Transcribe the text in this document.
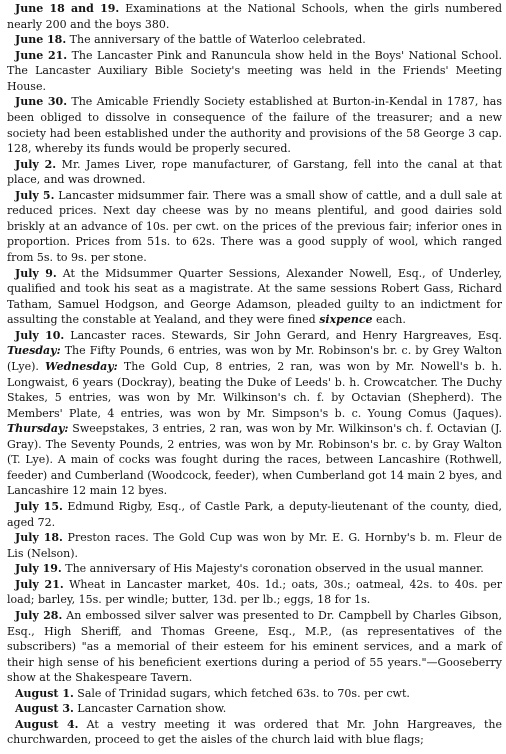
June 18 and 19. Examinations at the National Schools, when the girls numbered nearly 200 and the boys 380.

June 18. The anniversary of the battle of Waterloo celebrated.

June 21. The Lancaster Pink and Ranuncula show held in the Boys' National School. The Lancaster Auxiliary Bible Society's meeting was held in the Friends' Meeting House.

June 30. The Amicable Friendly Society established at Burton-in-Kendal in 1787, has been obliged to dissolve in consequence of the failure of the treasurer; and a new society had been established under the authority and provisions of the 58 George 3 cap. 128, whereby its funds would be properly secured.

July 2. Mr. James Liver, rope manufacturer, of Garstang, fell into the canal at that place, and was drowned.

July 5. Lancaster midsummer fair. There was a small show of cattle, and a dull sale at reduced prices. Next day cheese was by no means plentiful, and good dairies sold briskly at an advance of 10s. per cwt. on the prices of the previous fair; inferior ones in proportion. Prices from 51s. to 62s. There was a good supply of wool, which ranged from 5s. to 9s. per stone.

July 9. At the Midsummer Quarter Sessions, Alexander Nowell, Esq., of Underley, qualified and took his seat as a magistrate. At the same sessions Robert Gass, Richard Tatham, Samuel Hodgson, and George Adamson, pleaded guilty to an indictment for assulting the constable at Yealand, and they were fined sixpence each.

July 10. Lancaster races. Stewards, Sir John Gerard, and Henry Hargreaves, Esq. Tuesday: The Fifty Pounds, 6 entries, was won by Mr. Robinson's br. c. by Grey Walton (Lye). Wednesday: The Gold Cup, 8 entries, 2 ran, was won by Mr. Nowell's b. h. Longwaist, 6 years (Dockray), beating the Duke of Leeds' b. h. Crowcatcher. The Duchy Stakes, 5 entries, was won by Mr. Wilkinson's ch. f. by Octavian (Shepherd). The Members' Plate, 4 entries, was won by Mr. Simpson's b. c. Young Comus (Jaques). Thursday: Sweepstakes, 3 entries, 2 ran, was won by Mr. Wilkinson's ch. f. Octavian (J. Gray). The Seventy Pounds, 2 entries, was won by Mr. Robinson's br. c. by Gray Walton (T. Lye). A main of cocks was fought during the races, between Lancashire (Rothwell, feeder) and Cumberland (Woodcock, feeder), when Cumberland got 14 main 2 byes, and Lancashire 12 main 12 byes.

July 15. Edmund Rigby, Esq., of Castle Park, a deputy-lieutenant of the county, died, aged 72.

July 18. Preston races. The Gold Cup was won by Mr. E. G. Hornby's b. m. Fleur de Lis (Nelson).

July 19. The anniversary of His Majesty's coronation observed in the usual manner.

July 21. Wheat in Lancaster market, 40s. 1d.; oats, 30s.; oatmeal, 42s. to 40s. per load; barley, 15s. per windle; butter, 13d. per lb.; eggs, 18 for 1s.

July 28. An embossed silver salver was presented to Dr. Campbell by Charles Gibson, Esq., High Sheriff, and Thomas Greene, Esq., M.P., (as representatives of the subscribers) "as a memorial of their esteem for his eminent services, and a mark of their high sense of his beneficient exertions during a period of 55 years."—Gooseberry show at the Shakespeare Tavern.

August 1. Sale of Trinidad sugars, which fetched 63s. to 70s. per cwt.

August 3. Lancaster Carnation show.

August 4. At a vestry meeting it was ordered that Mr. John Hargreaves, the churchwarden, proceed to get the aisles of the church laid with blue flags;
